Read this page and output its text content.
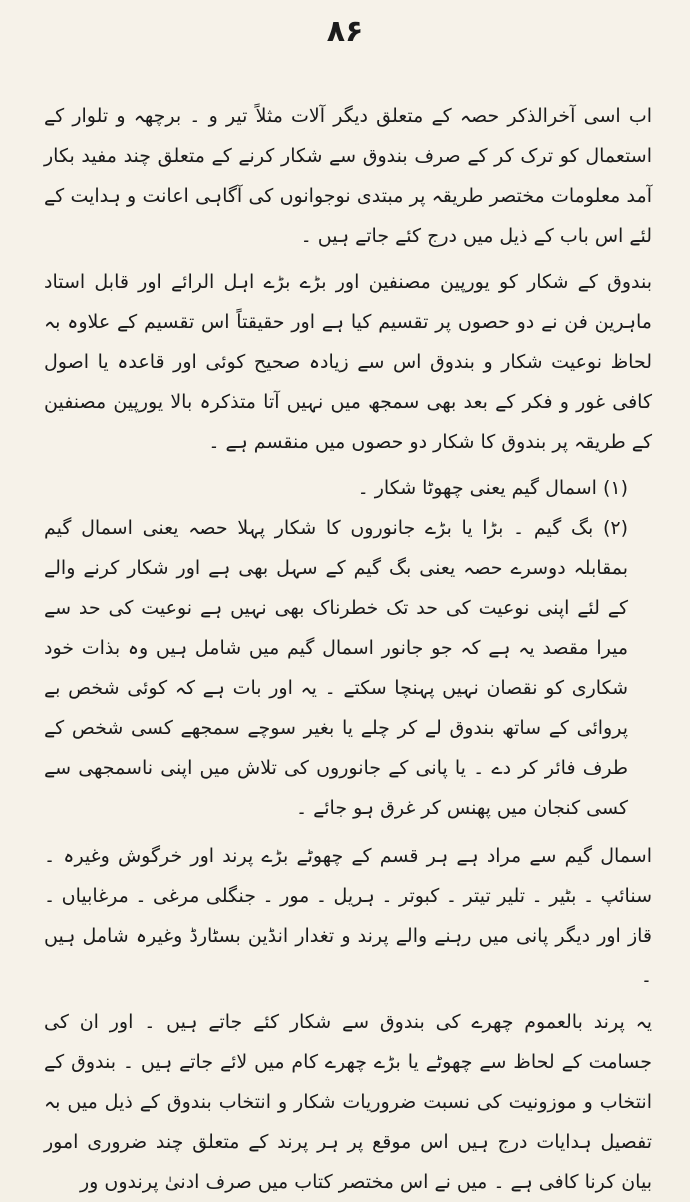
۸۶

اب اسی آخرالذکر حصہ کے متعلق دیگر آلات مثلاً تیر و ۔ برچھہ و تلوار کے استعمال کو ترک کر کے صرف بندوق سے شکار کرنے کے متعلق چند مفید بکار آمد معلومات مختصر طریقہ پر مبتدی نوجوانوں کی آگاہی اعانت و ہدایت کے لئے اس باب کے ذیل میں درج کئے جاتے ہیں ۔

بندوق کے شکار کو یورپین مصنفین اور بڑے بڑے اہل الرائے اور قابل استاد ماہرین فن نے دو حصوں پر تقسیم کیا ہے اور حقیقتاً اس تقسیم کے علاوہ بہ لحاظ نوعیت شکار و بندوق اس سے زیادہ صحیح کوئی اور قاعدہ یا اصول کافی غور و فکر کے بعد بھی سمجھ میں نہیں آتا متذکرہ بالا یورپین مصنفین کے طریقہ پر بندوق کا شکار دو حصوں میں منقسم ہے ۔

(۱) اسمال گیم یعنی چھوٹا شکار ۔

(۲) بگ گیم ۔ بڑا یا بڑے جانوروں کا شکار پہلا حصہ یعنی اسمال گیم بمقابلہ دوسرے حصہ یعنی بگ گیم کے سہل بھی ہے اور شکار کرنے والے کے لئے اپنی نوعیت کی حد تک خطرناک بھی نہیں ہے نوعیت کی حد سے میرا مقصد یہ ہے کہ جو جانور اسمال گیم میں شامل ہیں وہ بذات خود شکاری کو نقصان نہیں پہنچا سکتے ۔ یہ اور بات ہے کہ کوئی شخص بے پروائی کے ساتھ بندوق لے کر چلے یا بغیر سوچے سمجھے کسی شخص کے طرف فائر کر دے ۔ یا پانی کے جانوروں کی تلاش میں اپنی ناسمجھی سے کسی کنجان میں پھنس کر غرق ہو جائے ۔

اسمال گیم سے مراد ہے ہر قسم کے چھوٹے بڑے پرند اور خرگوش وغیرہ ۔ سنائپ ۔ بٹیر ۔ تلیر تیتر ۔ کبوتر ۔ ہریل ۔ مور ۔ جنگلی مرغی ۔ مرغابیاں ۔ قاز اور دیگر پانی میں رہنے والے پرند و تغدار انڈین بسٹارڈ وغیرہ شامل ہیں ۔

یہ پرند بالعموم چھرے کی بندوق سے شکار کئے جاتے ہیں ۔ اور ان کی جسامت کے لحاظ سے چھوٹے یا بڑے چھرے کام میں لائے جاتے ہیں ۔ بندوق کے انتخاب و موزونیت کی نسبت ضروریات شکار و انتخاب بندوق کے ذیل میں بہ تفصیل ہدایات درج ہیں اس موقع پر ہر پرند کے متعلق چند ضروری امور بیان کرنا کافی ہے ۔ میں نے اس مختصر کتاب میں صرف ادنیٰ پرندوں ور
